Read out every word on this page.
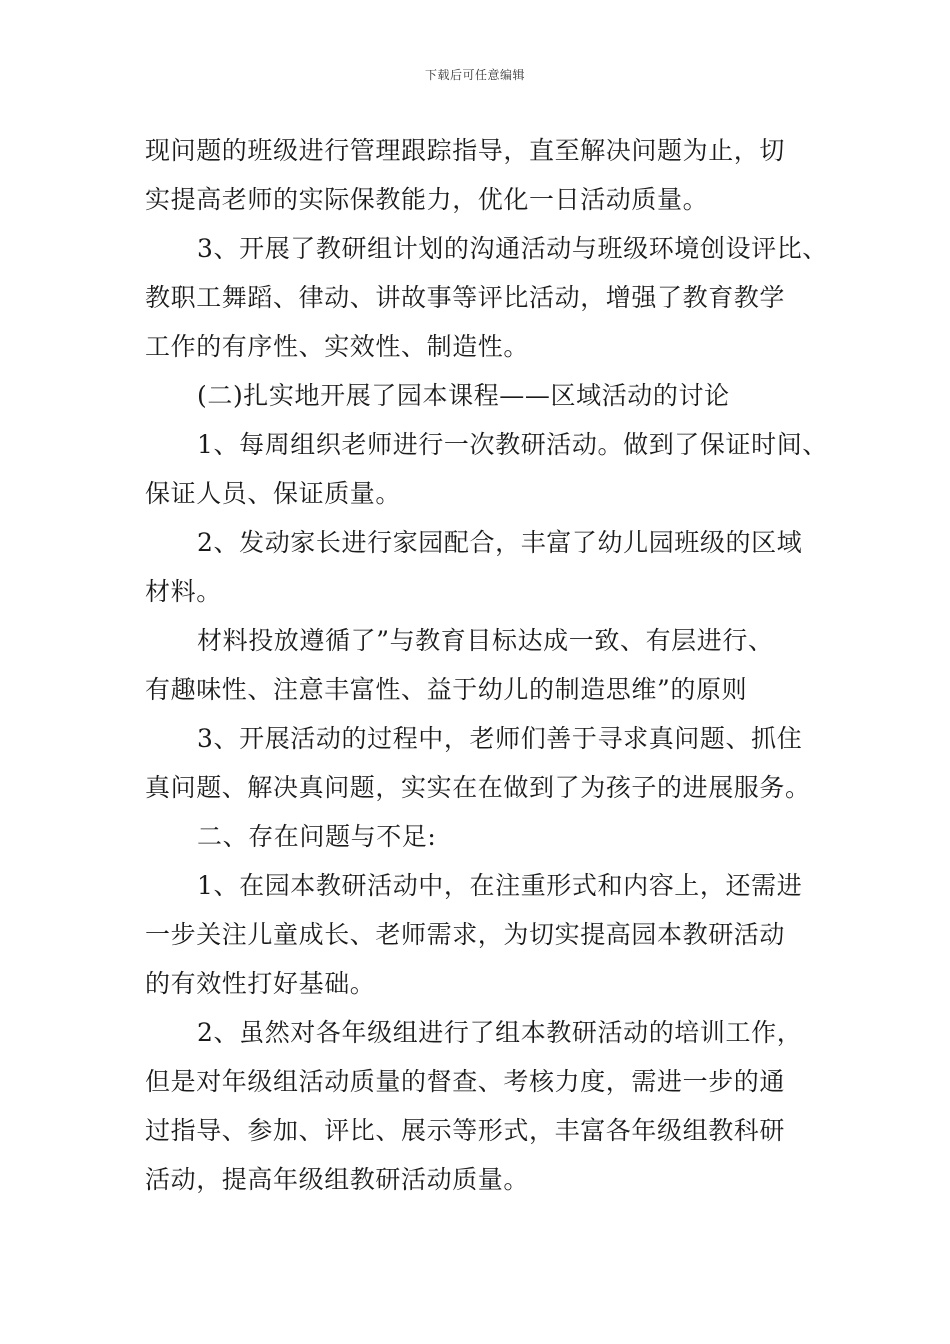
下载后可任意编辑

现问题的班级进行管理跟踪指导，直至解决问题为止，切

实提高老师的实际保教能力，优化一日活动质量。

3、开展了教研组计划的沟通活动与班级环境创设评比、

教职工舞蹈、律动、讲故事等评比活动，增强了教育教学

工作的有序性、实效性、制造性。

(二)扎实地开展了园本课程——区域活动的讨论

1、每周组织老师进行一次教研活动。做到了保证时间、

保证人员、保证质量。

2、发动家长进行家园配合，丰富了幼儿园班级的区域

材料。

材料投放遵循了”与教育目标达成一致、有层进行、

有趣味性、注意丰富性、益于幼儿的制造思维”的原则

3、开展活动的过程中，老师们善于寻求真问题、抓住

真问题、解决真问题，实实在在做到了为孩子的进展服务。

二、存在问题与不足:

1、在园本教研活动中，在注重形式和内容上，还需进

一步关注儿童成长、老师需求，为切实提高园本教研活动

的有效性打好基础。

2、虽然对各年级组进行了组本教研活动的培训工作，

但是对年级组活动质量的督查、考核力度，需进一步的通

过指导、参加、评比、展示等形式，丰富各年级组教科研

活动，提高年级组教研活动质量。
